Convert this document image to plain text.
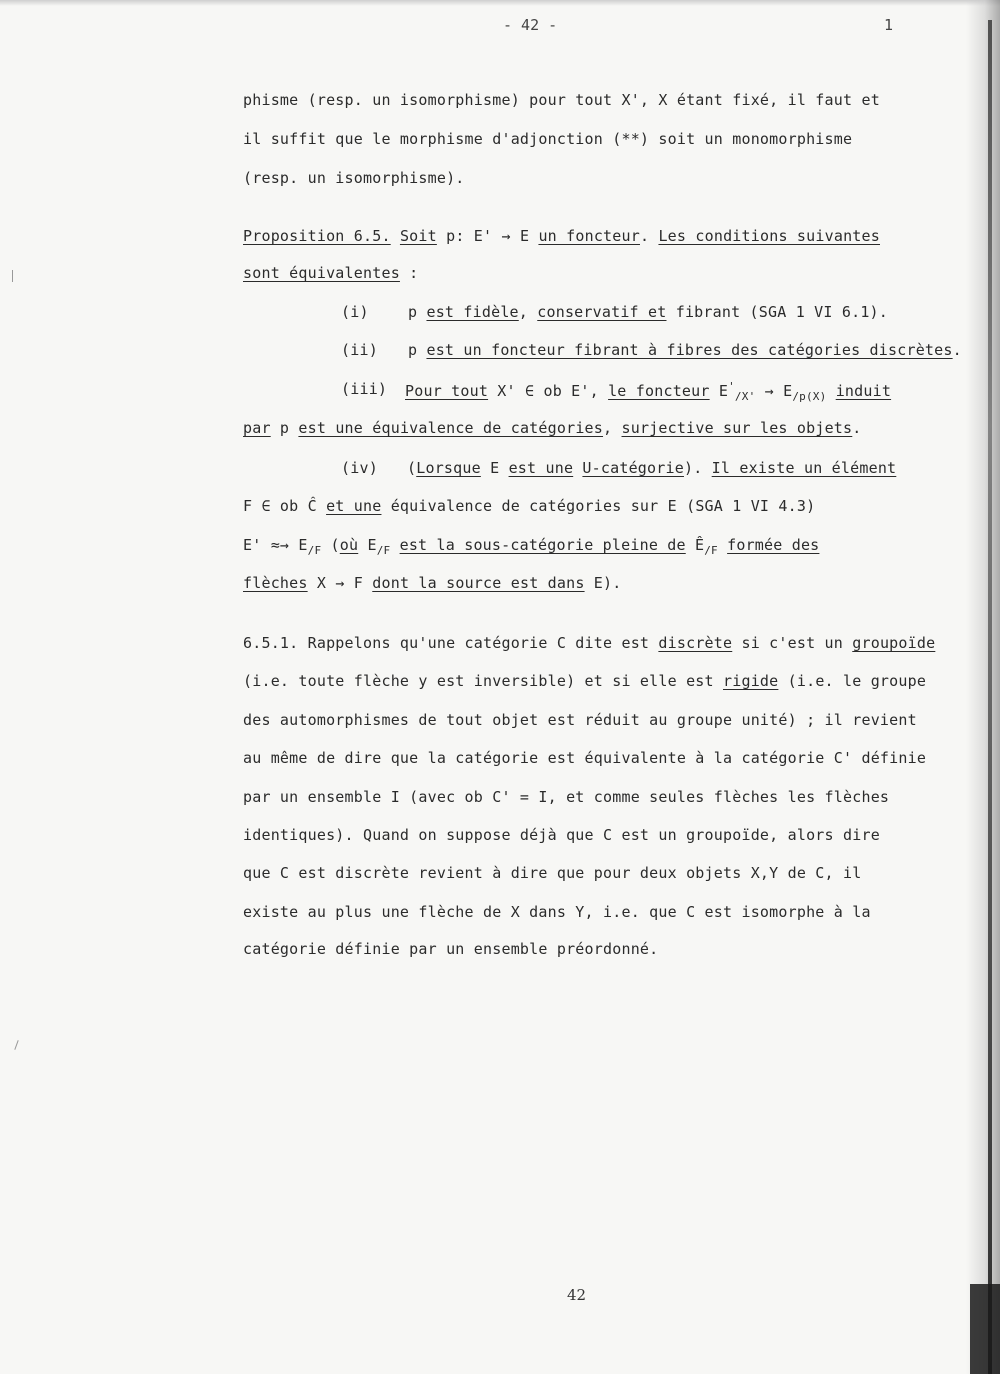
- 42 -	1
phisme (resp. un isomorphisme) pour tout X', X étant fixé, il faut et
il suffit que le morphisme d'adjonction (**) soit un monomorphisme
(resp. un isomorphisme).
Proposition 6.5. Soit p: E' → E un foncteur. Les conditions suivantes
sont équivalentes :
(i)	p est fidèle, conservatif et fibrant (SGA 1 VI 6.1).
(ii) p est un foncteur fibrant à fibres des catégories discrètes.
(iii) Pour tout X' ∈ ob E', le foncteur $E'_{/X'} \to E_{/p(X)}$ induit
par p est une équivalence de catégories, surjective sur les objets.
(iv) (Lorsque E est une U-catégorie). Il existe un élément
F ∈ ob Ĉ et une équivalence de catégories sur E (SGA 1 VI 4.3)
$E' \approx\to E_{/F}$ (où $E_{/F}$ est la sous-catégorie pleine de $Ê_{/F}$ formée des
flèches X → F dont la source est dans E).
6.5.1. Rappelons qu'une catégorie C dite est discrète si c'est un groupoïde
(i.e. toute flèche y est inversible) et si elle est rigide (i.e. le groupe
des automorphismes de tout objet est réduit au groupe unité) ; il revient
au même de dire que la catégorie est équivalente à la catégorie C' définie
par un ensemble I (avec ob C' = I, et comme seules flèches les flèches
identiques). Quand on suppose déjà que C est un groupoïde, alors dire
que C est discrète revient à dire que pour deux objets X,Y de C, il
existe au plus une flèche de X dans Y, i.e. que C est isomorphe à la
catégorie définie par un ensemble préordonné.
42
